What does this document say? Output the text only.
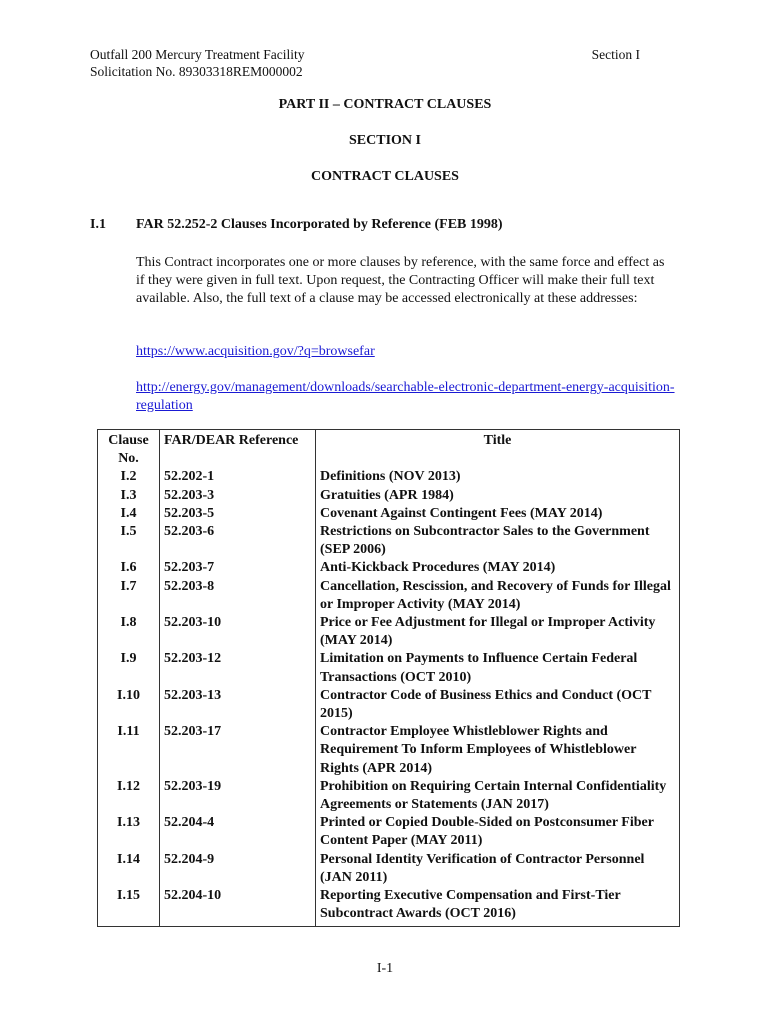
Outfall 200 Mercury Treatment Facility
Solicitation No. 89303318REM000002
Section I
PART II – CONTRACT CLAUSES
SECTION I
CONTRACT CLAUSES
I.1 FAR 52.252-2 Clauses Incorporated by Reference (FEB 1998)

This Contract incorporates one or more clauses by reference, with the same force and effect as if they were given in full text. Upon request, the Contracting Officer will make their full text available. Also, the full text of a clause may be accessed electronically at these addresses:

https://www.acquisition.gov/?q=browsefar
http://energy.gov/management/downloads/searchable-electronic-department-energy-acquisition-regulation
Clause No.	FAR/DEAR Reference	Title
I.2	52.202-1	Definitions (NOV 2013)
I.3	52.203-3	Gratuities (APR 1984)
I.4	52.203-5	Covenant Against Contingent Fees (MAY 2014)
I.5	52.203-6	Restrictions on Subcontractor Sales to the Government (SEP 2006)
I.6	52.203-7	Anti-Kickback Procedures (MAY 2014)
I.7	52.203-8	Cancellation, Rescission, and Recovery of Funds for Illegal or Improper Activity (MAY 2014)
I.8	52.203-10	Price or Fee Adjustment for Illegal or Improper Activity (MAY 2014)
I.9	52.203-12	Limitation on Payments to Influence Certain Federal Transactions (OCT 2010)
I.10	52.203-13	Contractor Code of Business Ethics and Conduct (OCT 2015)
I.11	52.203-17	Contractor Employee Whistleblower Rights and Requirement To Inform Employees of Whistleblower Rights (APR 2014)
I.12	52.203-19	Prohibition on Requiring Certain Internal Confidentiality Agreements or Statements (JAN 2017)
I.13	52.204-4	Printed or Copied Double-Sided on Postconsumer Fiber Content Paper (MAY 2011)
I.14	52.204-9	Personal Identity Verification of Contractor Personnel (JAN 2011)
I.15	52.204-10	Reporting Executive Compensation and First-Tier Subcontract Awards (OCT 2016)
I-1
